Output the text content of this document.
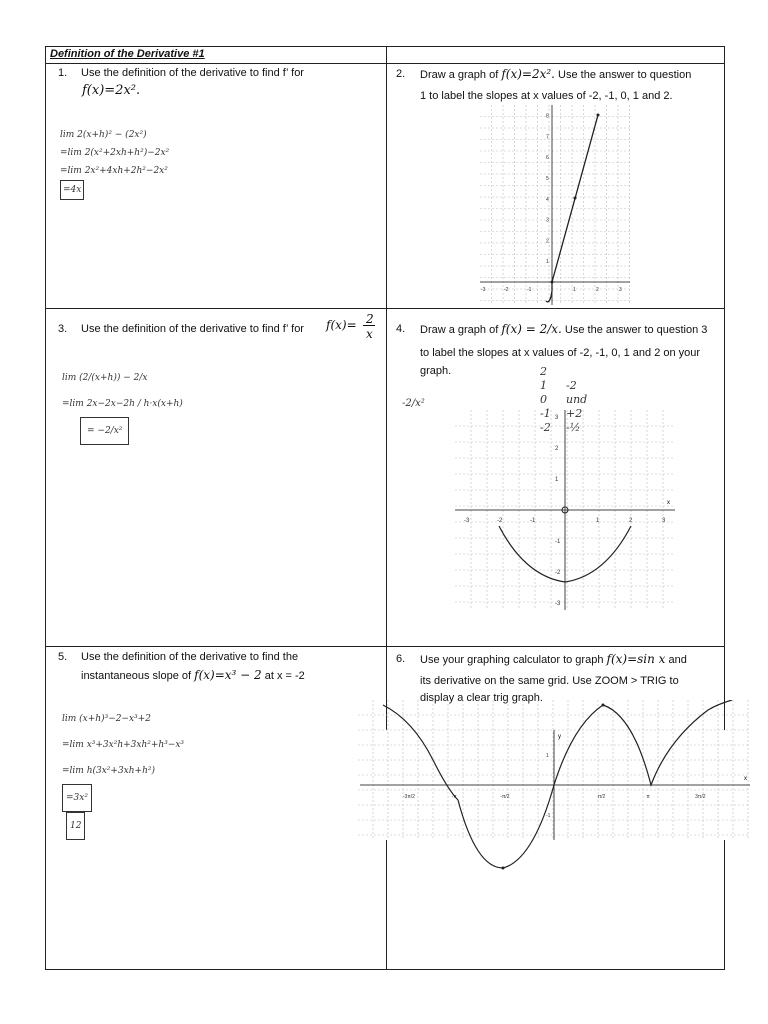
Definition of the Derivative #1	

1. Use the definition of the derivative to find f’ for
f(x)=2x².
lim 2(x+h)² − (2x²)
=lim 2(x²+2xh+h²)−2x²
=lim 2x²+4xh+2h²−2x²
=4x
2. Draw a graph of f(x)=2x². Use the answer to question
1 to label the slopes at x values of -2, -1, 0, 1 and 2.
-3	-2	-1	1	2	3
1
2
3
4
5
6
7
8
3. Use the definition of the derivative to find f’ for f(x)= 2
x
lim (2/(x+h)) − 2/x
=lim 2x−2x−2h / h·x(x+h)
= −2/x²
4. Draw a graph of f(x) = 2/x. Use the answer to question 3
to label the slopes at x values of -2, -1, 0, 1 and 2 on your
graph.	2
1 -2
0 und
-1 +2
-2 -½
-2/x²
x
-3	-2	-1	1	2	3
-3
-2
-1
1
2
3
5. Use the definition of the derivative to find the
instantaneous slope of f(x)=x³ − 2 at x = -2
lim (x+h)³−2−x³+2
=lim x³+3x²h+3xh²+h³−x³
=lim h(3x²+3xh+h²)
=3x²
12
6. Use your graphing calculator to graph f(x)=sin x and
its derivative on the same grid. Use ZOOM > TRIG to
display a clear trig graph.
x
y
-3π/2	-π	-π/2	π/2	π	3π/2
1
-1
